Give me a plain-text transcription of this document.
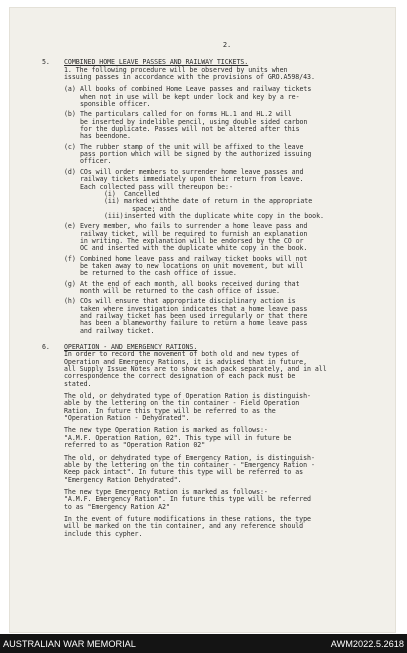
2.
5.	COMBINED HOME LEAVE PASSES AND RAILWAY TICKETS.
1. The following procedure will be observed by units when
issuing passes in accordance with the provisions of GRO.A598/43.
(a) All books of combined Home Leave passes and railway tickets
when not in use will be kept under lock and key by a re-
sponsible officer.
(b) The particulars called for on forms HL.1 and HL.2 will
be inserted by indelible pencil, using double sided carbon
for the duplicate. Passes will not be altered after this
has beendone.
(c) The rubber stamp of the unit will be affixed to the leave
pass portion which will be signed by the authorized issuing
officer.
(d) COs will order members to surrender home leave passes and
railway tickets immediately upon their return from leave.
Each collected pass will thereupon be:-
(i)	Cancelled
(ii) marked withthe date of return in the appropriate
space; and
(iii) inserted with the duplicate white copy in the book.
(e) Every member, who fails to surrender a home leave pass and
railway ticket, will be required to furnish an explanation
in writing. The explanation will be endorsed by the CO or
OC and inserted with the duplicate white copy in the book.
(f) Combined home leave pass and railway ticket books will not
be taken away to new locations on unit movement, but will
be returned to the cash office of issue.
(g) At the end of each month, all books received during that
month will be returned to the cash office of issue.
(h) COs will ensure that appropriate disciplinary action is
taken where investigation indicates that a home leave pass
and railway ticket has been used irregularly or that there
has been a blameworthy failure to return a home leave pass
and railway ticket.
6.	OPERATION - AND EMERGENCY RATIONS.
In order to record the movement of both old and new types of
Operation and Emergency Rations, it is advised that in future,
all Supply Issue Notes are to show each pack separately, and in all
correspondence the correct designation of each pack must be
stated.
The old, or dehydrated type of Operation Ration is distinguish-
able by the lettering on the tin container - Field Operation
Ration. In future this type will be referred to as the
"Operation Ration - Dehydrated".
The new type Operation Ration is marked as follows:-
"A.M.F. Operation Ration, 02". This type will in future be
referred to as "Operation Ration 02"
The old, or dehydrated type of Emergency Ration, is distinguish-
able by the lettering on the tin container - "Emergency Ration -
Keep pack intact". In future this type will be referred to as
"Emergency Ration Dehydrated".
The new type Emergency Ration is marked as follows:-
"A.M.F. Emergency Ration". In future this type will be referred
to as "Emergency Ration A2"
In the event of future modifications in these rations, the type
will be marked on the tin container, and any reference should
include this cypher.
AUSTRALIAN WAR MEMORIAL	AWM2022.5.2618
